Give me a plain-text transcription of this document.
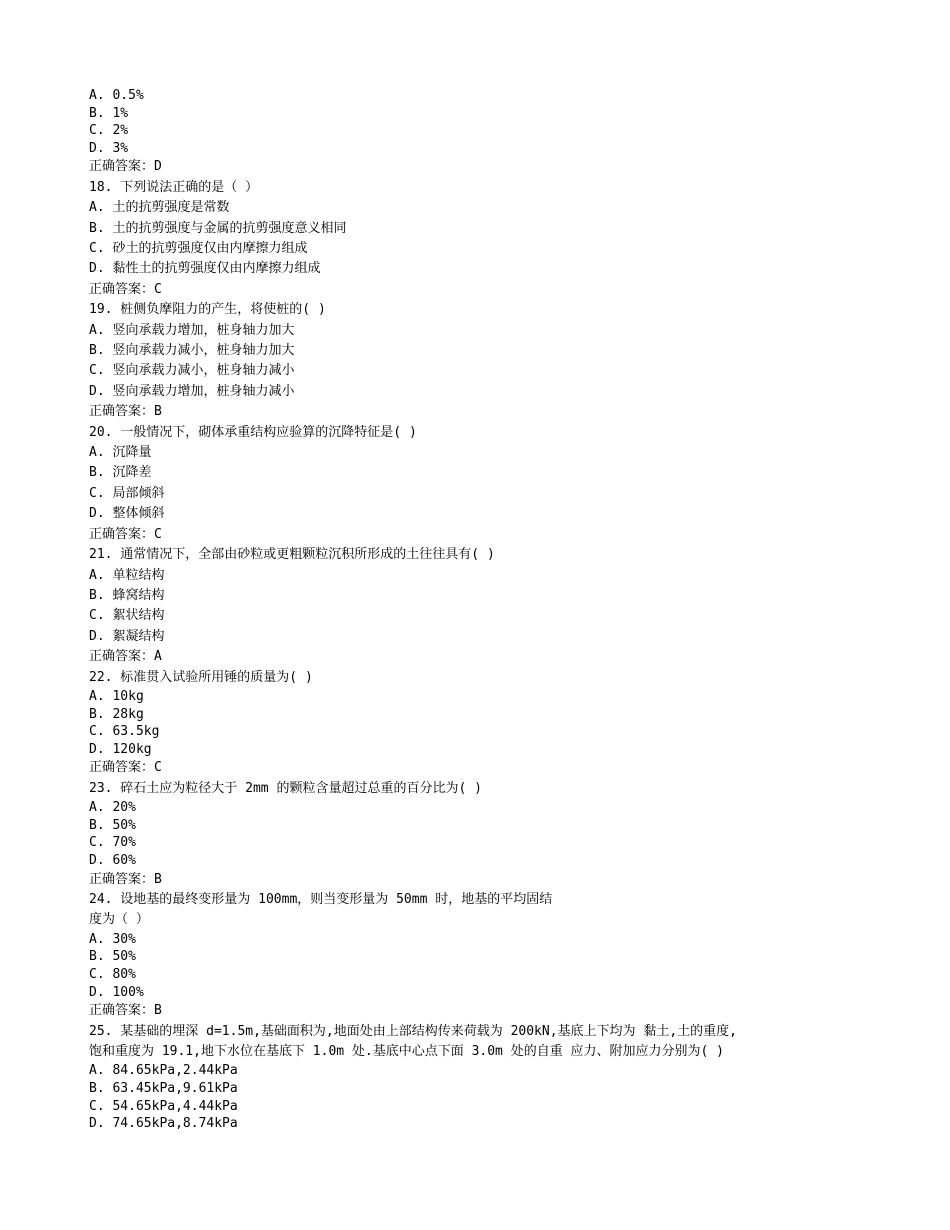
A. 0.5%
B. 1%
C. 2%
D. 3%
正确答案：D
18. 下列说法正确的是（ ）
A. 土的抗剪强度是常数
B. 土的抗剪强度与金属的抗剪强度意义相同
C. 砂土的抗剪强度仅由内摩擦力组成
D. 黏性土的抗剪强度仅由内摩擦力组成
正确答案：C
19. 桩侧负摩阻力的产生，将使桩的( )
A. 竖向承载力增加，桩身轴力加大
B. 竖向承载力减小，桩身轴力加大
C. 竖向承载力减小，桩身轴力减小
D. 竖向承载力增加，桩身轴力减小
正确答案：B
20. 一般情况下，砌体承重结构应验算的沉降特征是( )
A. 沉降量
B. 沉降差
C. 局部倾斜
D. 整体倾斜
正确答案：C
21. 通常情况下，全部由砂粒或更粗颗粒沉积所形成的土往往具有( )
A. 单粒结构
B. 蜂窝结构
C. 絮状结构
D. 絮凝结构
正确答案：A
22. 标准贯入试验所用锤的质量为( )
A. 10kg
B. 28kg
C. 63.5kg
D. 120kg
正确答案：C
23. 碎石土应为粒径大于 2mm 的颗粒含量超过总重的百分比为( )
A. 20%
B. 50%
C. 70%
D. 60%
正确答案：B
24. 设地基的最终变形量为 100mm，则当变形量为 50mm 时，地基的平均固结
度为（ ）
A. 30%
B. 50%
C. 80%
D. 100%
正确答案：B
25. 某基础的埋深 d=1.5m,基础面积为,地面处由上部结构传来荷载为 200kN,基底上下均为 黏土,土的重度,
饱和重度为 19.1,地下水位在基底下 1.0m 处.基底中心点下面 3.0m 处的自重 应力、附加应力分别为( )
A. 84.65kPa,2.44kPa
B. 63.45kPa,9.61kPa
C. 54.65kPa,4.44kPa
D. 74.65kPa,8.74kPa
